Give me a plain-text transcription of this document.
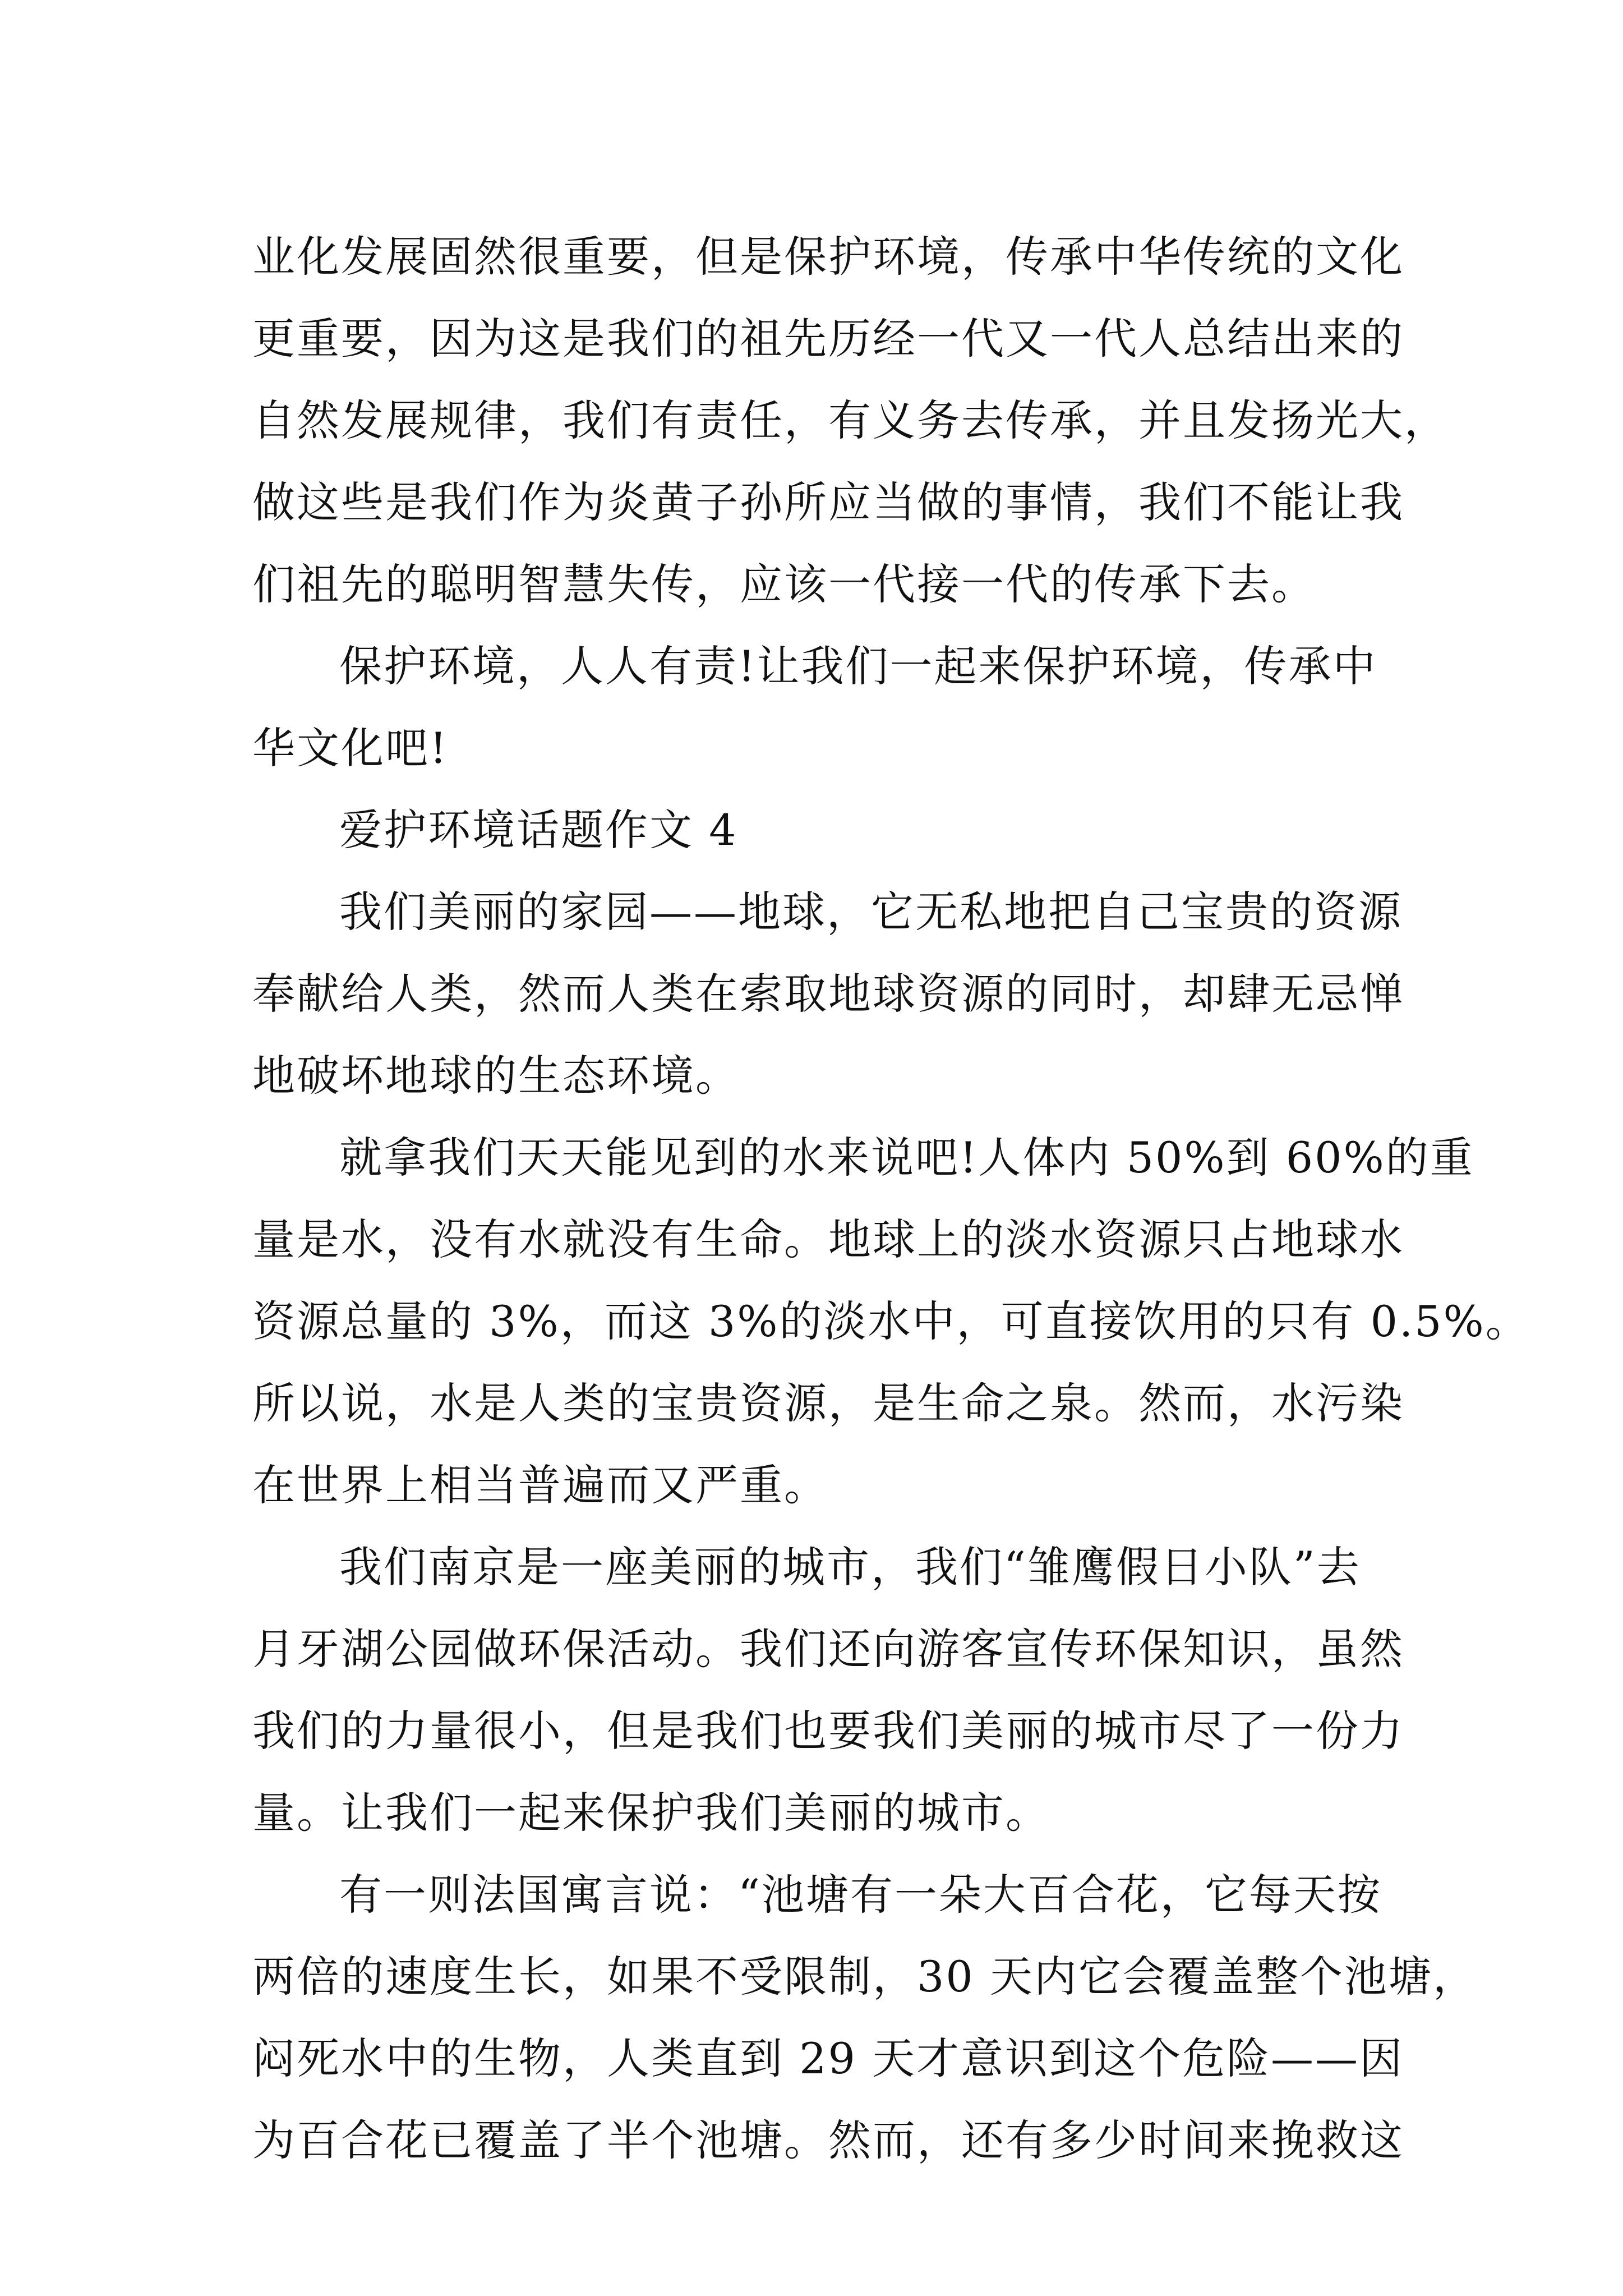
业化发展固然很重要，但是保护环境，传承中华传统的文化
更重要，因为这是我们的祖先历经一代又一代人总结出来的
自然发展规律，我们有责任，有义务去传承，并且发扬光大，
做这些是我们作为炎黄子孙所应当做的事情，我们不能让我
们祖先的聪明智慧失传，应该一代接一代的传承下去。
保护环境，人人有责!让我们一起来保护环境，传承中
华文化吧!
爱护环境话题作文 4
我们美丽的家园——地球，它无私地把自己宝贵的资源
奉献给人类，然而人类在索取地球资源的同时，却肆无忌惮
地破坏地球的生态环境。
就拿我们天天能见到的水来说吧!人体内 50%到 60%的重
量是水，没有水就没有生命。地球上的淡水资源只占地球水
资源总量的 3%，而这 3%的淡水中，可直接饮用的只有 0.5%。
所以说，水是人类的宝贵资源，是生命之泉。然而，水污染
在世界上相当普遍而又严重。
我们南京是一座美丽的城市，我们“雏鹰假日小队”去
月牙湖公园做环保活动。我们还向游客宣传环保知识，虽然
我们的力量很小，但是我们也要我们美丽的城市尽了一份力
量。让我们一起来保护我们美丽的城市。
有一则法国寓言说：“池塘有一朵大百合花，它每天按
两倍的速度生长，如果不受限制，30 天内它会覆盖整个池塘，
闷死水中的生物，人类直到 29 天才意识到这个危险——因
为百合花已覆盖了半个池塘。然而，还有多少时间来挽救这
